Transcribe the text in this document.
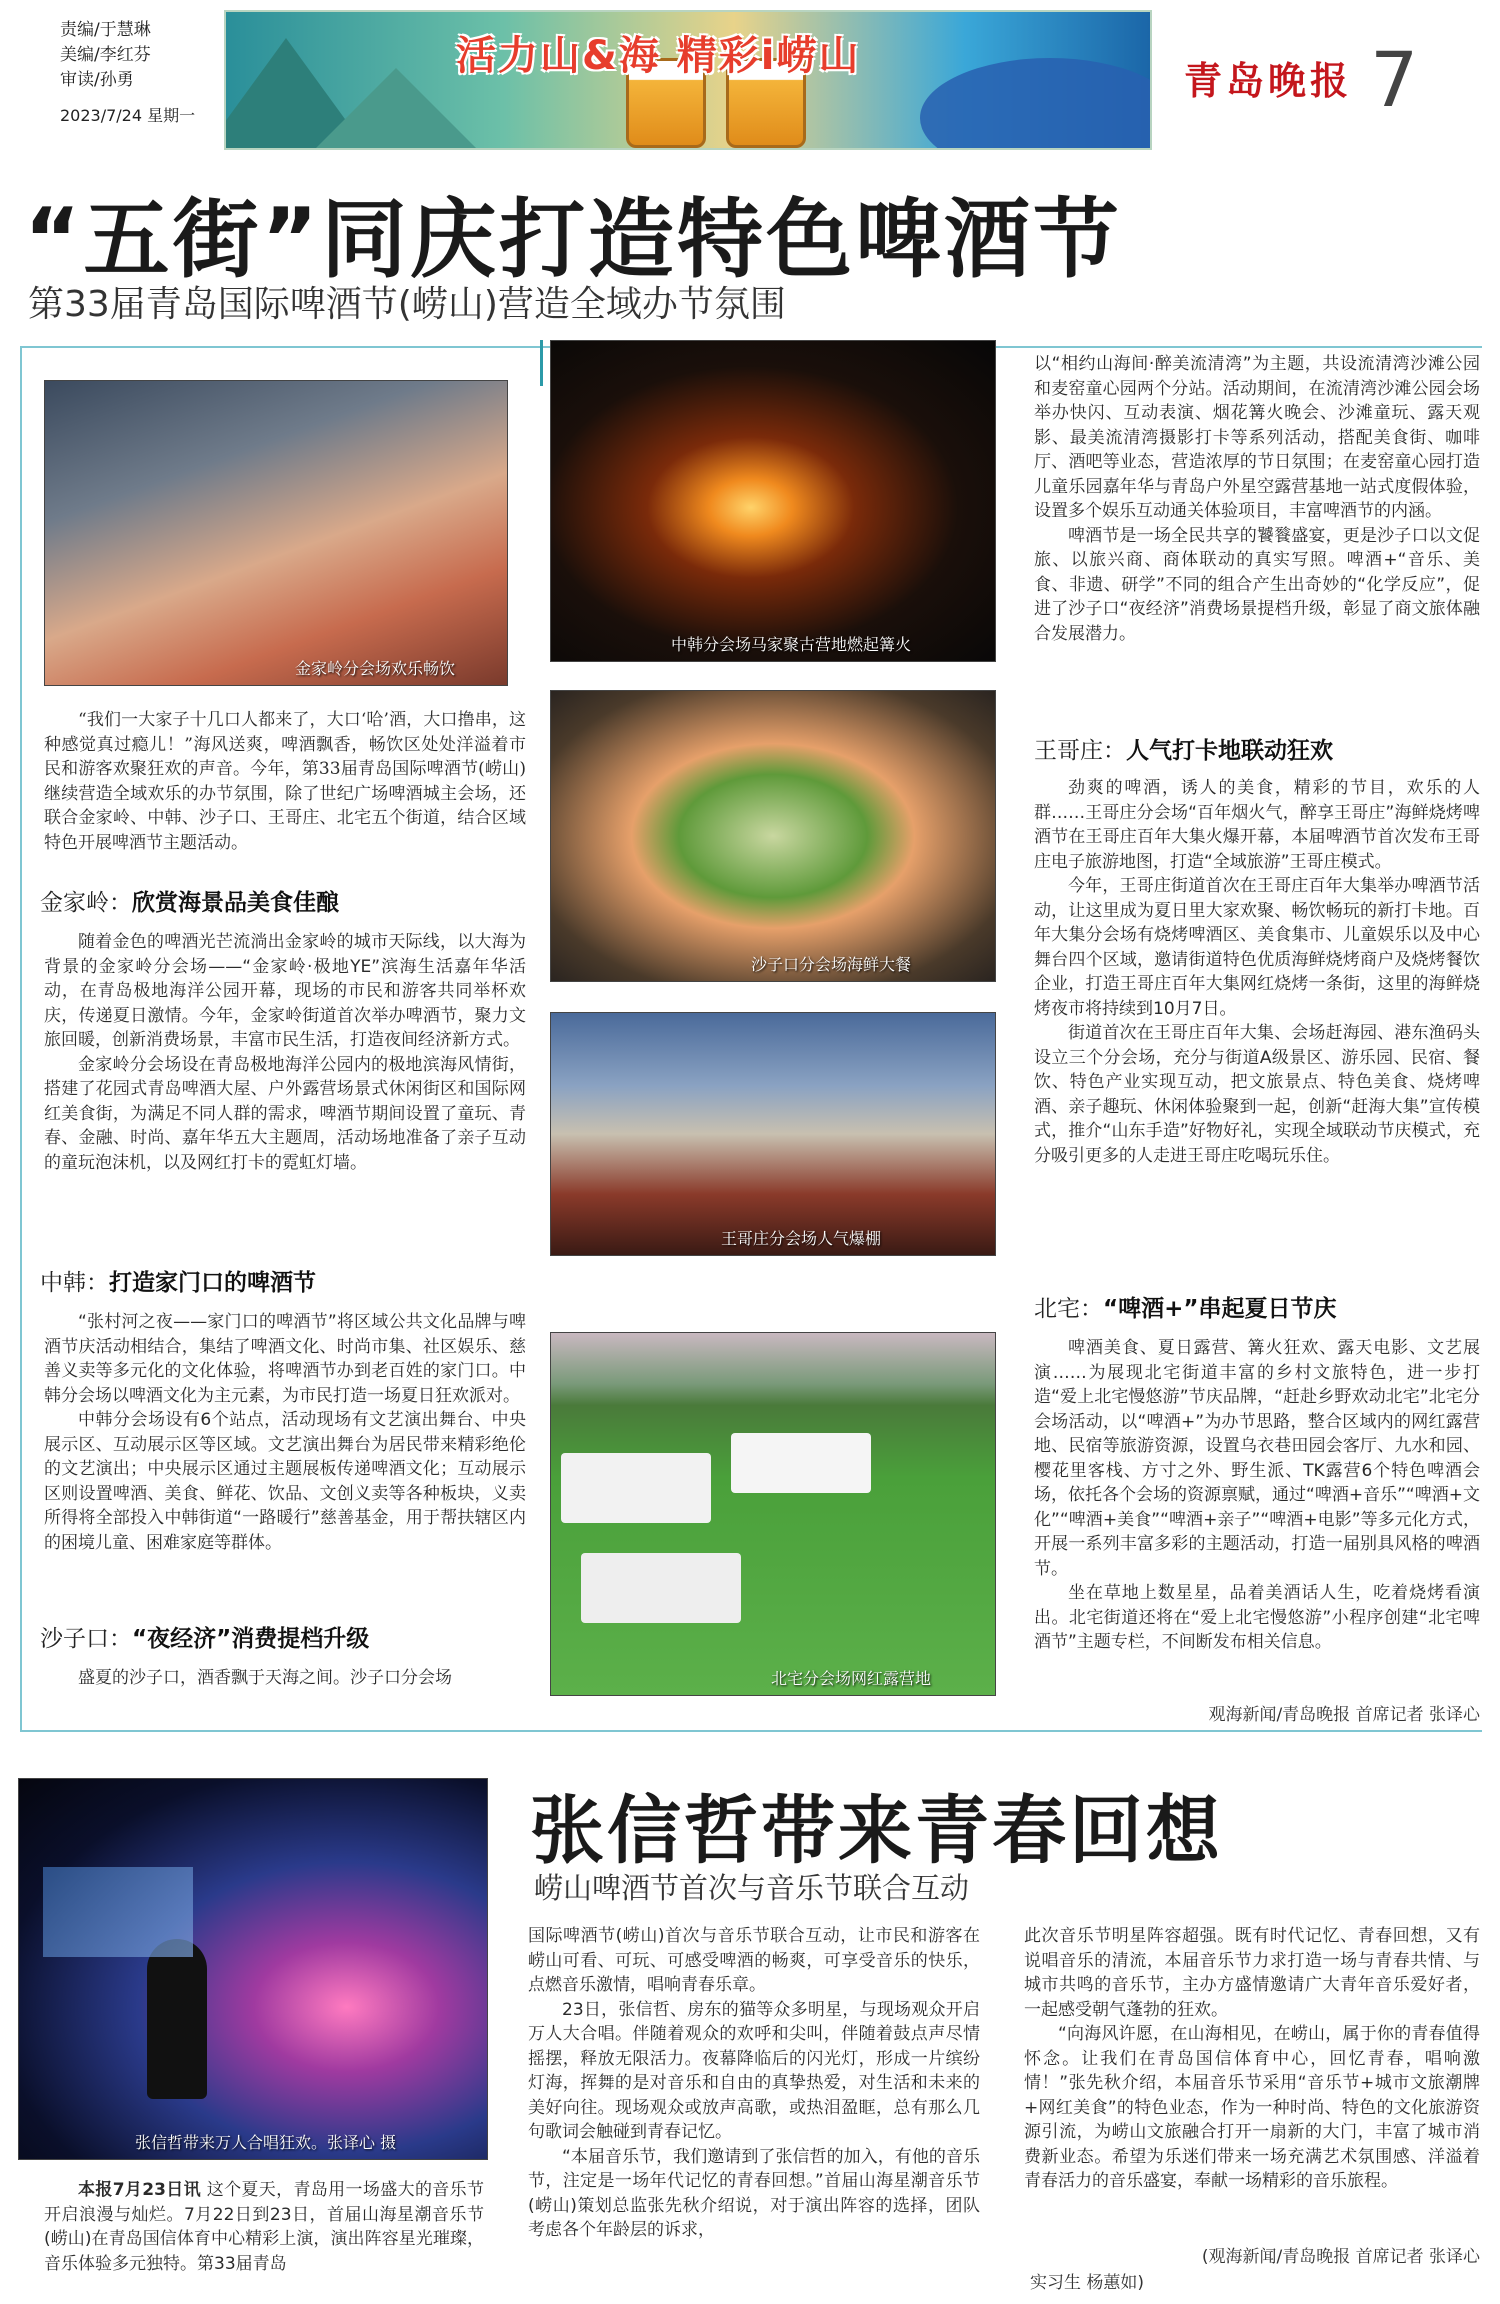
责编/于慧琳
美编/李红芬
审读/孙勇
2023/7/24 星期一
活力山&海 精彩i崂山
青岛晚报 7
“五街”同庆打造特色啤酒节
第33届青岛国际啤酒节(崂山)营造全域办节氛围
金家岭分会场欢乐畅饮
中韩分会场马家聚古营地燃起篝火
沙子口分会场海鲜大餐
王哥庄分会场人气爆棚
北宅分会场网红露营地

“我们一大家子十几口人都来了，大口‘哈’酒，大口撸串，这种感觉真过瘾儿！”海风送爽，啤酒飘香，畅饮区处处洋溢着市民和游客欢聚狂欢的声音。今年，第33届青岛国际啤酒节(崂山)继续营造全域欢乐的办节氛围，除了世纪广场啤酒城主会场，还联合金家岭、中韩、沙子口、王哥庄、北宅五个街道，结合区域特色开展啤酒节主题活动。

金家岭：欣赏海景品美食佳酿

随着金色的啤酒光芒流淌出金家岭的城市天际线，以大海为背景的金家岭分会场——“金家岭·极地YE”滨海生活嘉年华活动，在青岛极地海洋公园开幕，现场的市民和游客共同举杯欢庆，传递夏日激情。今年，金家岭街道首次举办啤酒节，聚力文旅回暖，创新消费场景，丰富市民生活，打造夜间经济新方式。

金家岭分会场设在青岛极地海洋公园内的极地滨海风情街，搭建了花园式青岛啤酒大屋、户外露营场景式休闲街区和国际网红美食街，为满足不同人群的需求，啤酒节期间设置了童玩、青春、金融、时尚、嘉年华五大主题周，活动场地准备了亲子互动的童玩泡沫机，以及网红打卡的霓虹灯墙。

中韩：打造家门口的啤酒节

“张村河之夜——家门口的啤酒节”将区域公共文化品牌与啤酒节庆活动相结合，集结了啤酒文化、时尚市集、社区娱乐、慈善义卖等多元化的文化体验，将啤酒节办到老百姓的家门口。中韩分会场以啤酒文化为主元素，为市民打造一场夏日狂欢派对。

中韩分会场设有6个站点，活动现场有文艺演出舞台、中央展示区、互动展示区等区域。文艺演出舞台为居民带来精彩绝伦的文艺演出；中央展示区通过主题展板传递啤酒文化；互动展示区则设置啤酒、美食、鲜花、饮品、文创义卖等各种板块，义卖所得将全部投入中韩街道“一路暖行”慈善基金，用于帮扶辖区内的困境儿童、困难家庭等群体。

沙子口：“夜经济”消费提档升级

盛夏的沙子口，酒香飘于天海之间。沙子口分会场

以“相约山海间·醉美流清湾”为主题，共设流清湾沙滩公园和麦窑童心园两个分站。活动期间，在流清湾沙滩公园会场举办快闪、互动表演、烟花篝火晚会、沙滩童玩、露天观影、最美流清湾摄影打卡等系列活动，搭配美食街、咖啡厅、酒吧等业态，营造浓厚的节日氛围；在麦窑童心园打造儿童乐园嘉年华与青岛户外星空露营基地一站式度假体验，设置多个娱乐互动通关体验项目，丰富啤酒节的内涵。

啤酒节是一场全民共享的饕餮盛宴，更是沙子口以文促旅、以旅兴商、商体联动的真实写照。啤酒+“音乐、美食、非遗、研学”不同的组合产生出奇妙的“化学反应”，促进了沙子口“夜经济”消费场景提档升级，彰显了商文旅体融合发展潜力。

王哥庄：人气打卡地联动狂欢

劲爽的啤酒，诱人的美食，精彩的节目，欢乐的人群……王哥庄分会场“百年烟火气，醉享王哥庄”海鲜烧烤啤酒节在王哥庄百年大集火爆开幕，本届啤酒节首次发布王哥庄电子旅游地图，打造“全域旅游”王哥庄模式。

今年，王哥庄街道首次在王哥庄百年大集举办啤酒节活动，让这里成为夏日里大家欢聚、畅饮畅玩的新打卡地。百年大集分会场有烧烤啤酒区、美食集市、儿童娱乐以及中心舞台四个区域，邀请街道特色优质海鲜烧烤商户及烧烤餐饮企业，打造王哥庄百年大集网红烧烤一条街，这里的海鲜烧烤夜市将持续到10月7日。

街道首次在王哥庄百年大集、会场赶海园、港东渔码头设立三个分会场，充分与街道A级景区、游乐园、民宿、餐饮、特色产业实现互动，把文旅景点、特色美食、烧烤啤酒、亲子趣玩、休闲体验聚到一起，创新“赶海大集”宣传模式，推介“山东手造”好物好礼，实现全域联动节庆模式，充分吸引更多的人走进王哥庄吃喝玩乐住。

北宅：“啤酒+”串起夏日节庆

啤酒美食、夏日露营、篝火狂欢、露天电影、文艺展演……为展现北宅街道丰富的乡村文旅特色，进一步打造“爱上北宅慢悠游”节庆品牌，“赶赴乡野欢动北宅”北宅分会场活动，以“啤酒+”为办节思路，整合区域内的网红露营地、民宿等旅游资源，设置乌衣巷田园会客厅、九水和园、樱花里客栈、方寸之外、野生派、TK露营6个特色啤酒会场，依托各个会场的资源禀赋，通过“啤酒+音乐”“啤酒+文化”“啤酒+美食”“啤酒+亲子”“啤酒+电影”等多元化方式，开展一系列丰富多彩的主题活动，打造一届别具风格的啤酒节。

坐在草地上数星星，品着美酒话人生，吃着烧烤看演出。北宅街道还将在“爱上北宅慢悠游”小程序创建“北宅啤酒节”主题专栏，不间断发布相关信息。

观海新闻/青岛晚报 首席记者 张译心
张信哲带来万人合唱狂欢。张译心 摄
张信哲带来青春回想
崂山啤酒节首次与音乐节联合互动

本报7月23日讯 这个夏天，青岛用一场盛大的音乐节开启浪漫与灿烂。7月22日到23日，首届山海星潮音乐节(崂山)在青岛国信体育中心精彩上演，演出阵容星光璀璨，音乐体验多元独特。第33届青岛

国际啤酒节(崂山)首次与音乐节联合互动，让市民和游客在崂山可看、可玩、可感受啤酒的畅爽，可享受音乐的快乐，点燃音乐激情，唱响青春乐章。

23日，张信哲、房东的猫等众多明星，与现场观众开启万人大合唱。伴随着观众的欢呼和尖叫，伴随着鼓点声尽情摇摆，释放无限活力。夜幕降临后的闪光灯，形成一片缤纷灯海，挥舞的是对音乐和自由的真挚热爱，对生活和未来的美好向往。现场观众或放声高歌，或热泪盈眶，总有那么几句歌词会触碰到青春记忆。

“本届音乐节，我们邀请到了张信哲的加入，有他的音乐节，注定是一场年代记忆的青春回想。”首届山海星潮音乐节(崂山)策划总监张先秋介绍说，对于演出阵容的选择，团队考虑各个年龄层的诉求，

此次音乐节明星阵容超强。既有时代记忆、青春回想，又有说唱音乐的清流，本届音乐节力求打造一场与青春共情、与城市共鸣的音乐节，主办方盛情邀请广大青年音乐爱好者，一起感受朝气蓬勃的狂欢。

“向海风许愿，在山海相见，在崂山，属于你的青春值得怀念。让我们在青岛国信体育中心，回忆青春，唱响激情！”张先秋介绍，本届音乐节采用“音乐节+城市文旅潮牌+网红美食”的特色业态，作为一种时尚、特色的文化旅游资源引流，为崂山文旅融合打开一扇新的大门，丰富了城市消费新业态。希望为乐迷们带来一场充满艺术氛围感、洋溢着青春活力的音乐盛宴，奉献一场精彩的音乐旅程。

(观海新闻/青岛晚报 首席记者 张译心
实习生 杨蕙如)
